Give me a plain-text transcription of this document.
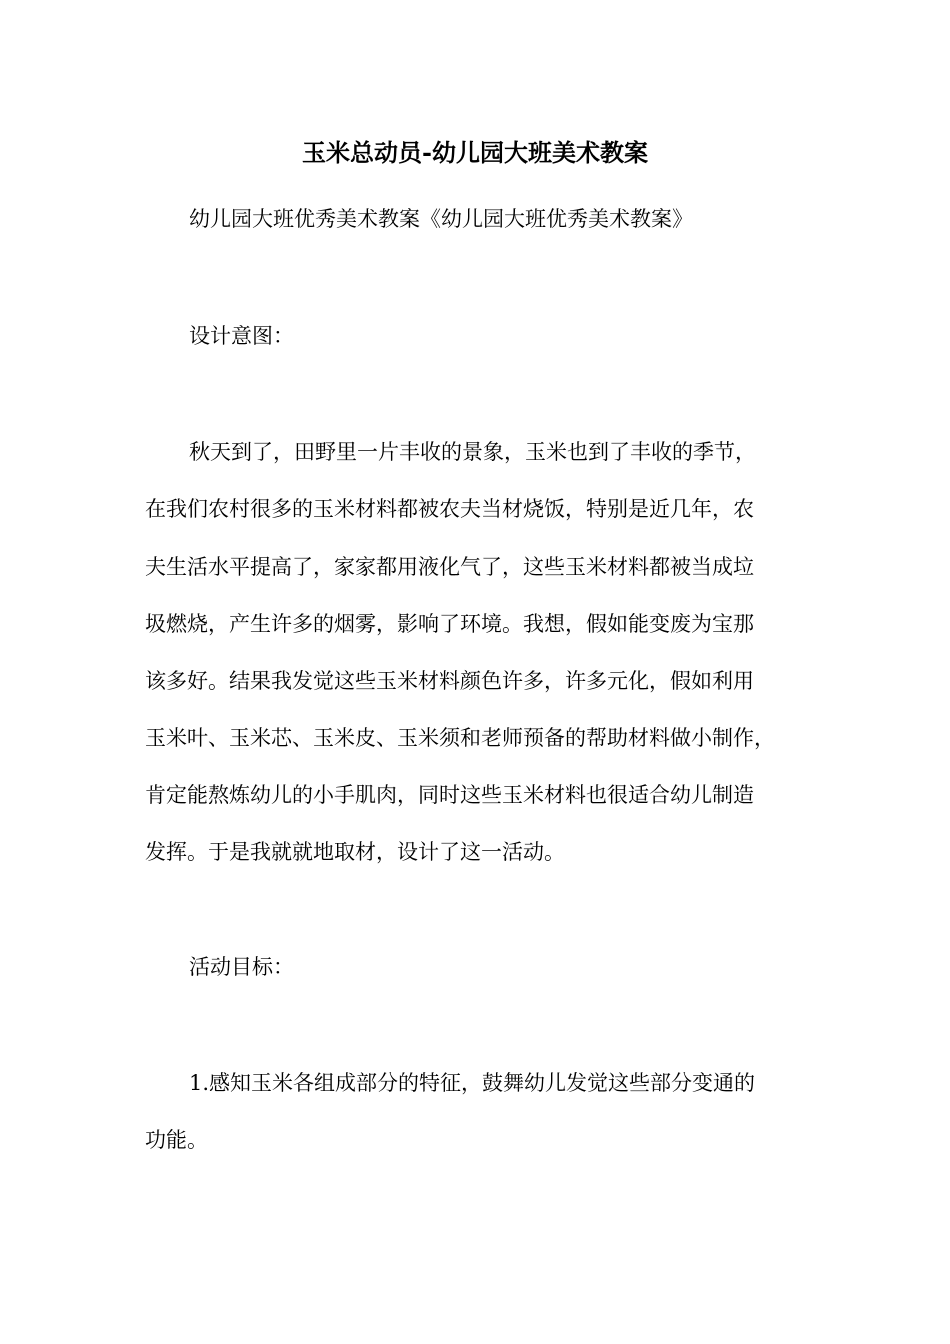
玉米总动员-幼儿园大班美术教案
幼儿园大班优秀美术教案《幼儿园大班优秀美术教案》
设计意图：
秋天到了，田野里一片丰收的景象，玉米也到了丰收的季节，
在我们农村很多的玉米材料都被农夫当材烧饭，特别是近几年，农
夫生活水平提高了，家家都用液化气了，这些玉米材料都被当成垃
圾燃烧，产生许多的烟雾，影响了环境。我想，假如能变废为宝那
该多好。结果我发觉这些玉米材料颜色许多，许多元化，假如利用
玉米叶、玉米芯、玉米皮、玉米须和老师预备的帮助材料做小制作，
肯定能熬炼幼儿的小手肌肉，同时这些玉米材料也很适合幼儿制造
发挥。于是我就就地取材，设计了这一活动。
活动目标：
1.感知玉米各组成部分的特征，鼓舞幼儿发觉这些部分变通的
功能。
